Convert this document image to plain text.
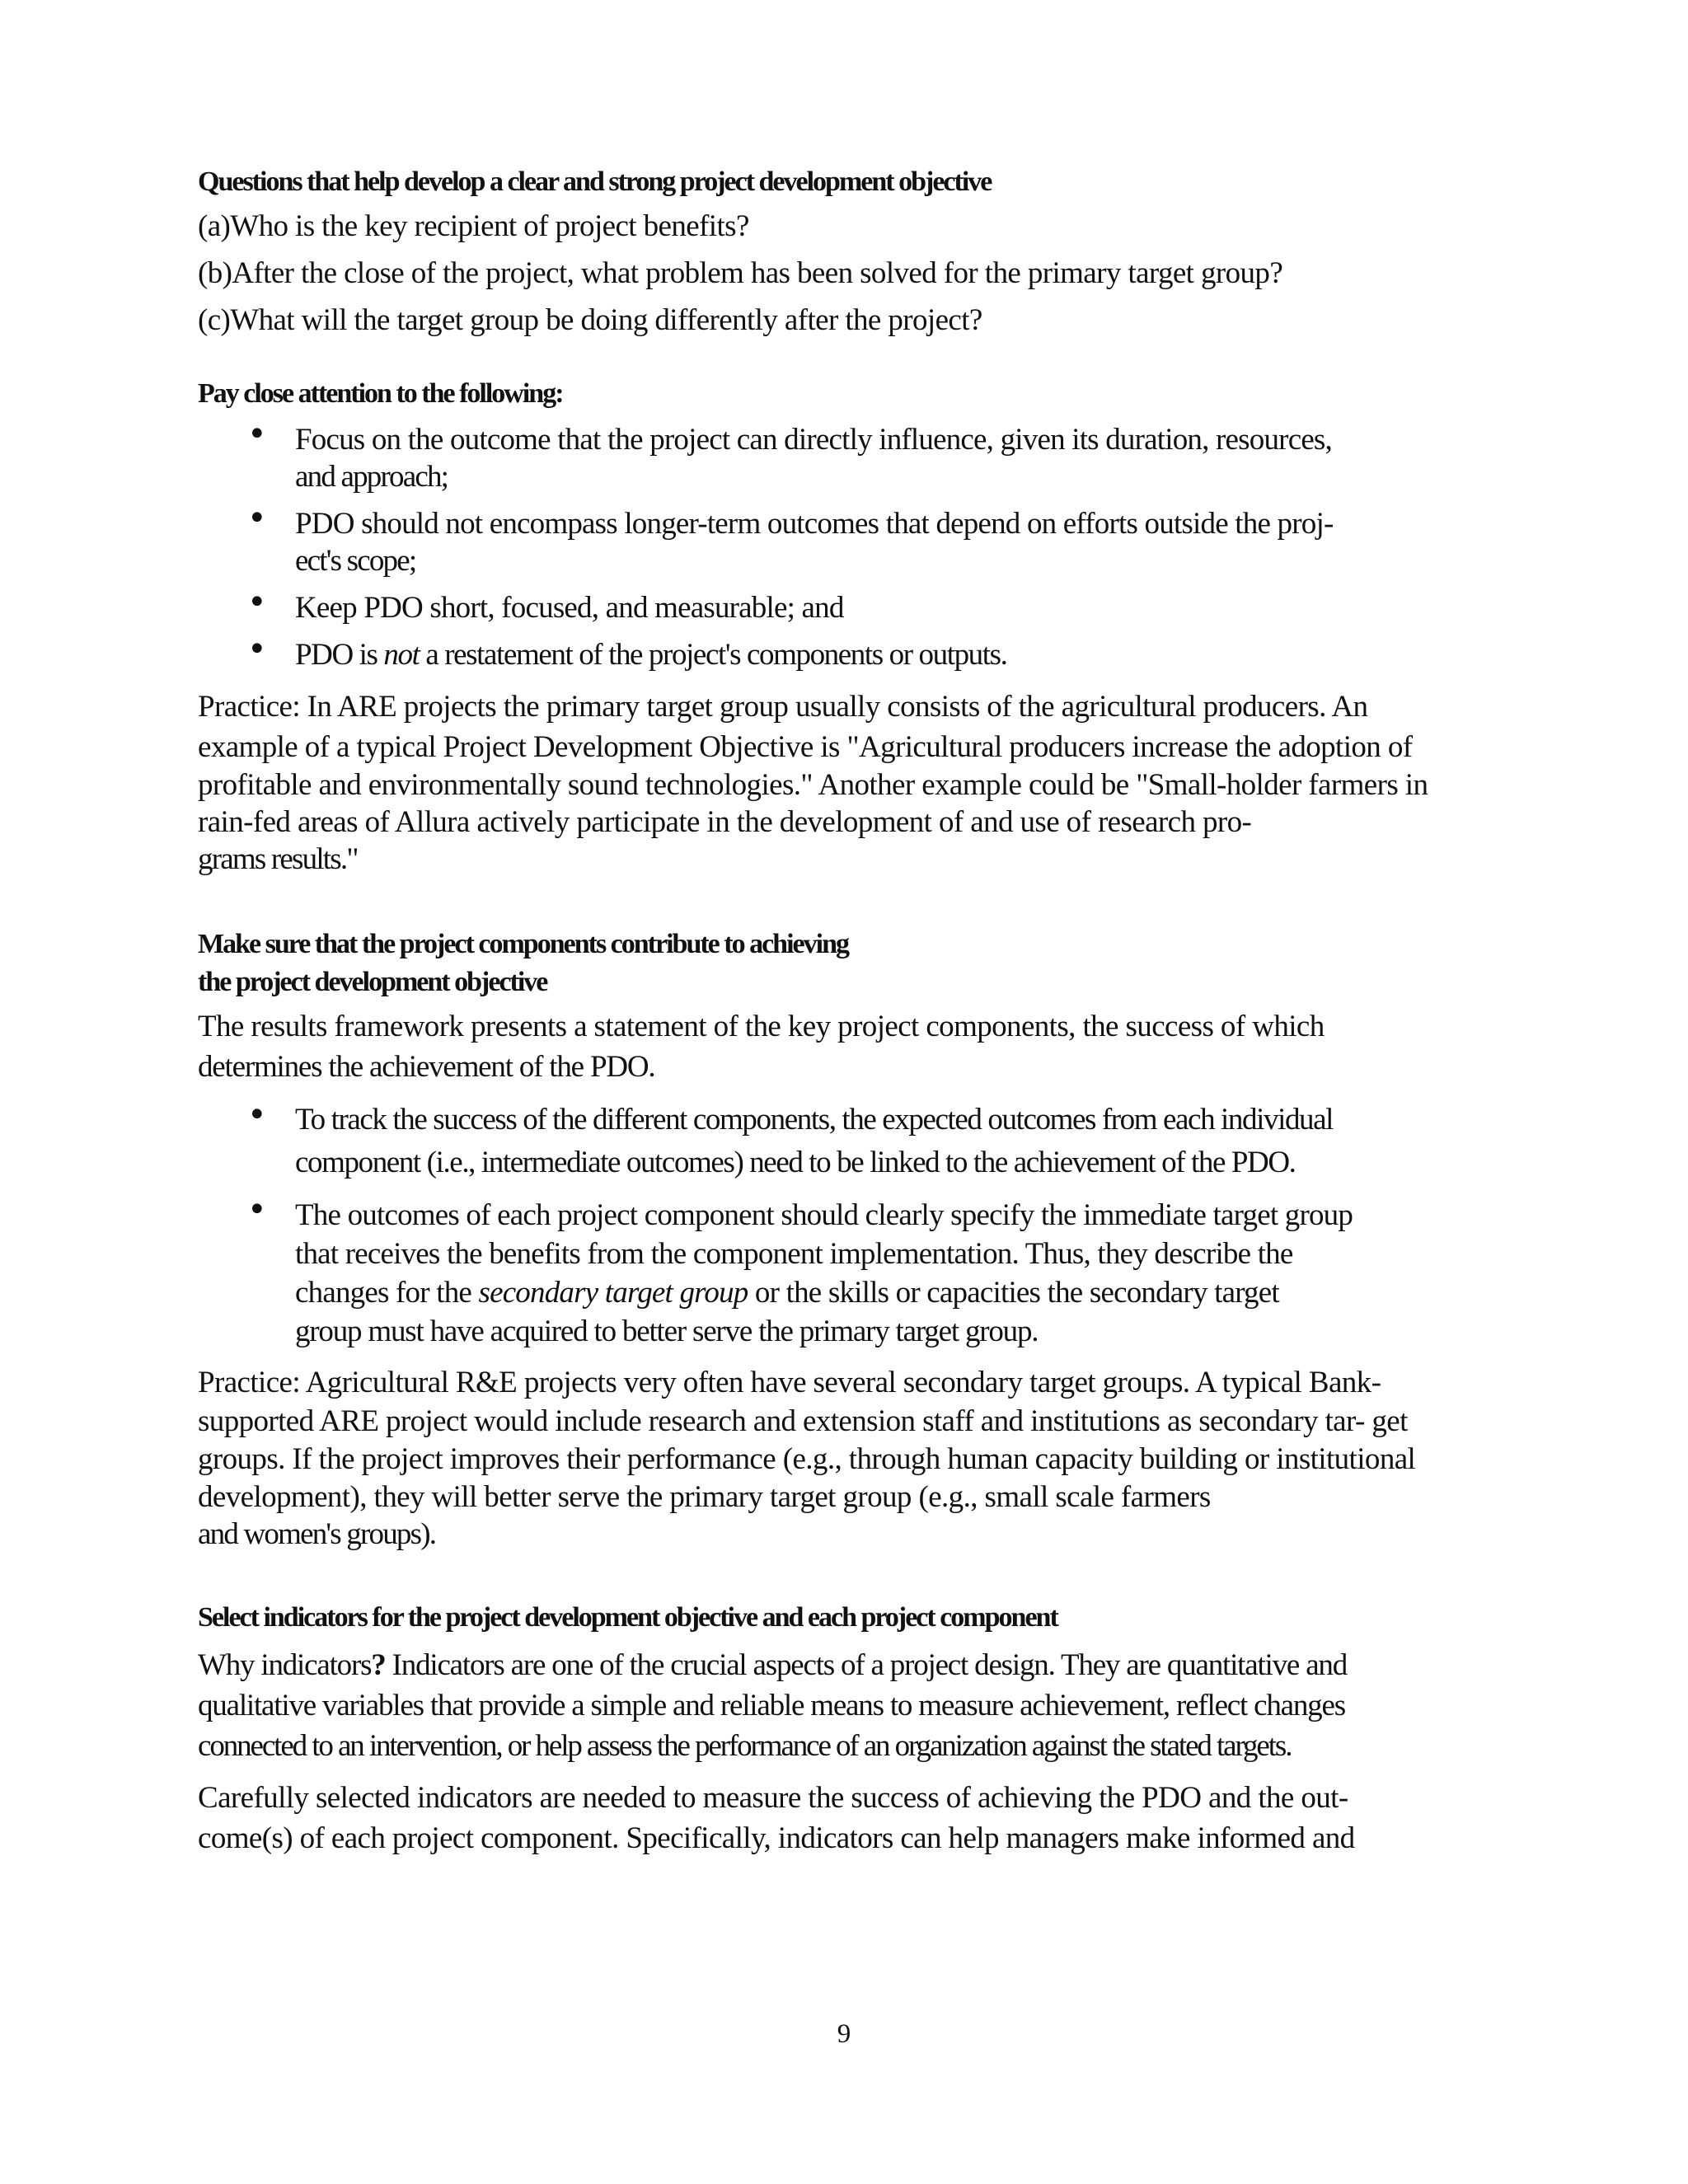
Questions that help develop a clear and strong project development objective

(a)Who is the key recipient of project benefits?

(b)After the close of the project, what problem has been solved for the primary target group?

(c)What will the target group be doing differently after the project?

Pay close attention to the following:

• Focus on the outcome that the project can directly influence, given its duration, resources,
and approach;
• PDO should not encompass longer-term outcomes that depend on efforts outside the proj-
ect's scope;
• Keep PDO short, focused, and measurable; and
• PDO is not a restatement of the project's components or outputs.

Practice: In ARE projects the primary target group usually consists of the agricultural producers. An

example of a typical Project Development Objective is "Agricultural producers increase the adoption of

profitable and environmentally sound technologies." Another example could be "Small-holder farmers in

rain-fed areas of Allura actively participate in the development of and use of research pro-

grams results."

Make sure that the project components contribute to achieving

the project development objective

The results framework presents a statement of the key project components, the success of which

determines the achievement of the PDO.

• To track the success of the different components, the expected outcomes from each individual
component (i.e., intermediate outcomes) need to be linked to the achievement of the PDO.
• The outcomes of each project component should clearly specify the immediate target group
that receives the benefits from the component implementation. Thus, they describe the
changes for the secondary target group or the skills or capacities the secondary target
group must have acquired to better serve the primary target group.

Practice: Agricultural R&E projects very often have several secondary target groups. A typical Bank-

supported ARE project would include research and extension staff and institutions as secondary tar- get

groups. If the project improves their performance (e.g., through human capacity building or institutional

development), they will better serve the primary target group (e.g., small scale farmers

and women's groups).

Select indicators for the project development objective and each project component

Why indicators? Indicators are one of the crucial aspects of a project design. They are quantitative and

qualitative variables that provide a simple and reliable means to measure achievement, reflect changes

connected to an intervention, or help assess the performance of an organization against the stated targets.

Carefully selected indicators are needed to measure the success of achieving the PDO and the out-

come(s) of each project component. Specifically, indicators can help managers make informed and

9
